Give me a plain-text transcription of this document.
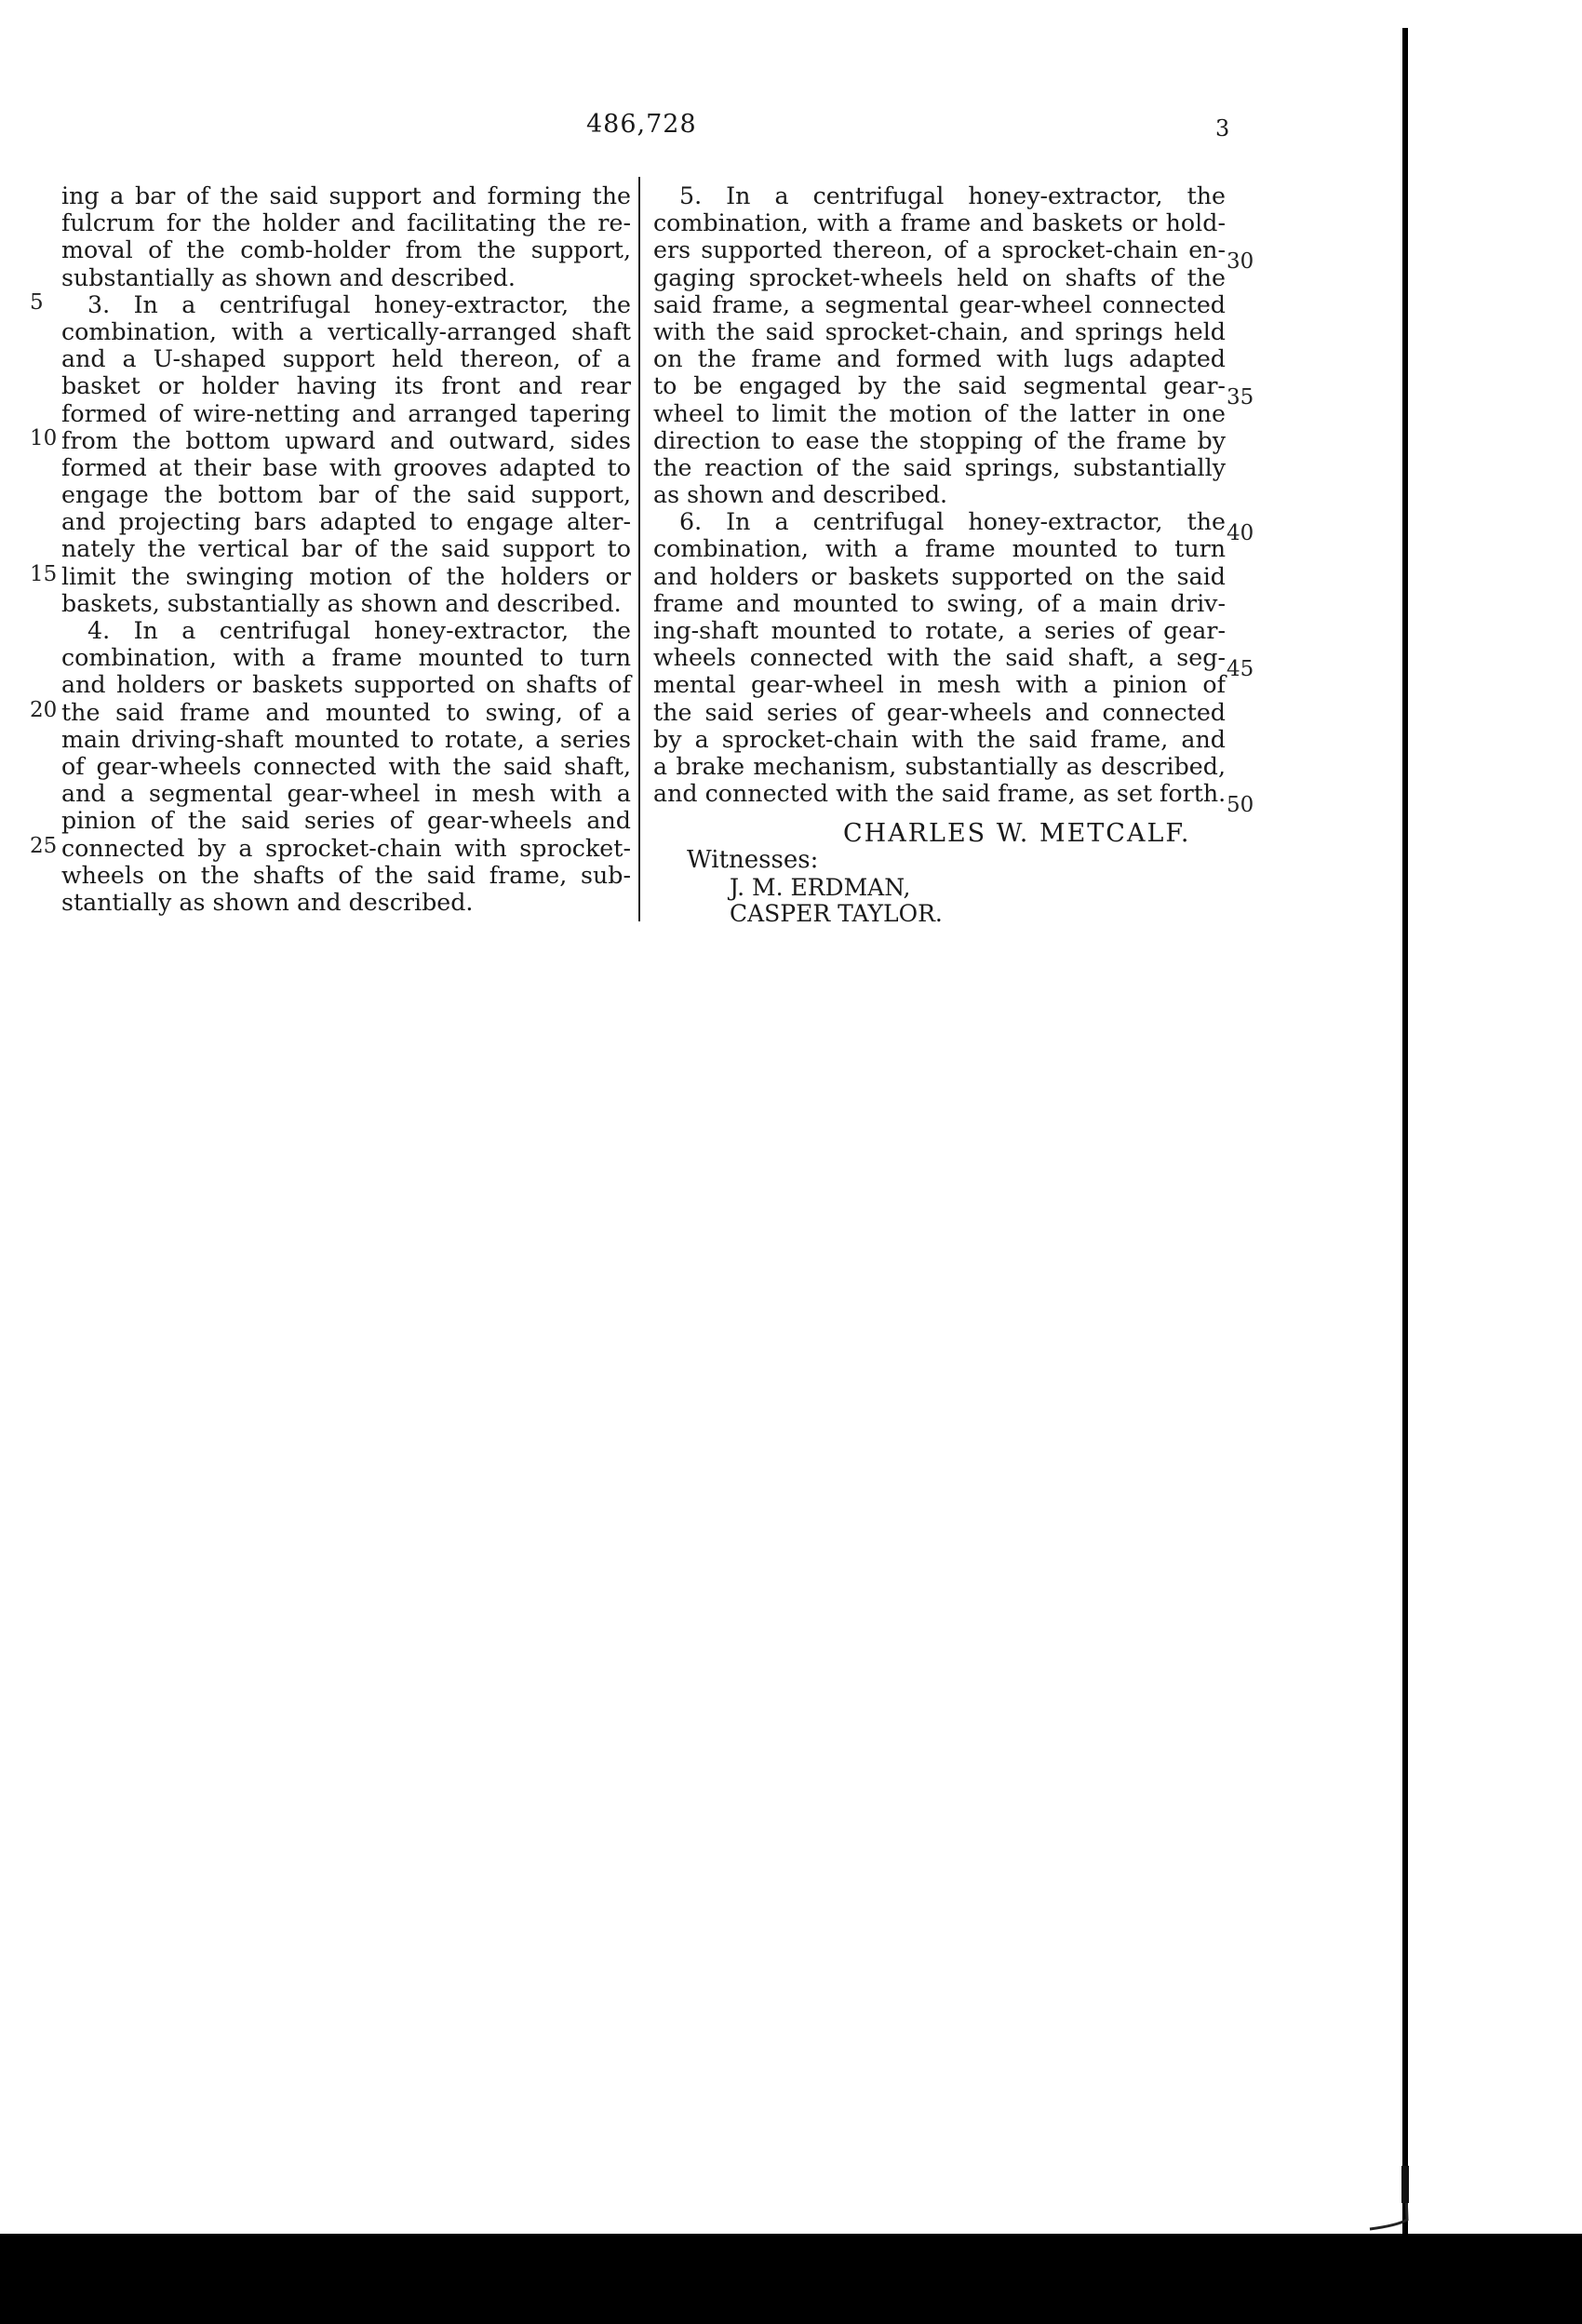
486,728	3
ing a bar of the said support and forming the
fulcrum for the holder and facilitating the re-
moval of the comb-holder from the support,
substantially as shown and described.
3. In a centrifugal honey-extractor, the
combination, with a vertically-arranged shaft
and a U-shaped support held thereon, of a
basket or holder having its front and rear
formed of wire-netting and arranged tapering
from the bottom upward and outward, sides
formed at their base with grooves adapted to
engage the bottom bar of the said support,
and projecting bars adapted to engage alter-
nately the vertical bar of the said support to
limit the swinging motion of the holders or
baskets, substantially as shown and described.
4. In a centrifugal honey-extractor, the
combination, with a frame mounted to turn
and holders or baskets supported on shafts of
the said frame and mounted to swing, of a
main driving-shaft mounted to rotate, a series
of gear-wheels connected with the said shaft,
and a segmental gear-wheel in mesh with a
pinion of the said series of gear-wheels and
connected by a sprocket-chain with sprocket-
wheels on the shafts of the said frame, sub-
stantially as shown and described.
5. In a centrifugal honey-extractor, the
combination, with a frame and baskets or hold-
ers supported thereon, of a sprocket-chain en-
gaging sprocket-wheels held on shafts of the
said frame, a segmental gear-wheel connected
with the said sprocket-chain, and springs held
on the frame and formed with lugs adapted
to be engaged by the said segmental gear-
wheel to limit the motion of the latter in one
direction to ease the stopping of the frame by
the reaction of the said springs, substantially
as shown and described.
6. In a centrifugal honey-extractor, the
combination, with a frame mounted to turn
and holders or baskets supported on the said
frame and mounted to swing, of a main driv-
ing-shaft mounted to rotate, a series of gear-
wheels connected with the said shaft, a seg-
mental gear-wheel in mesh with a pinion of
the said series of gear-wheels and connected
by a sprocket-chain with the said frame, and
a brake mechanism, substantially as described,
and connected with the said frame, as set forth.
5
10
15
20
25
30
35
40
45
50
CHARLES W. METCALF.
Witnesses:
J. M. ERDMAN,
CASPER TAYLOR.
